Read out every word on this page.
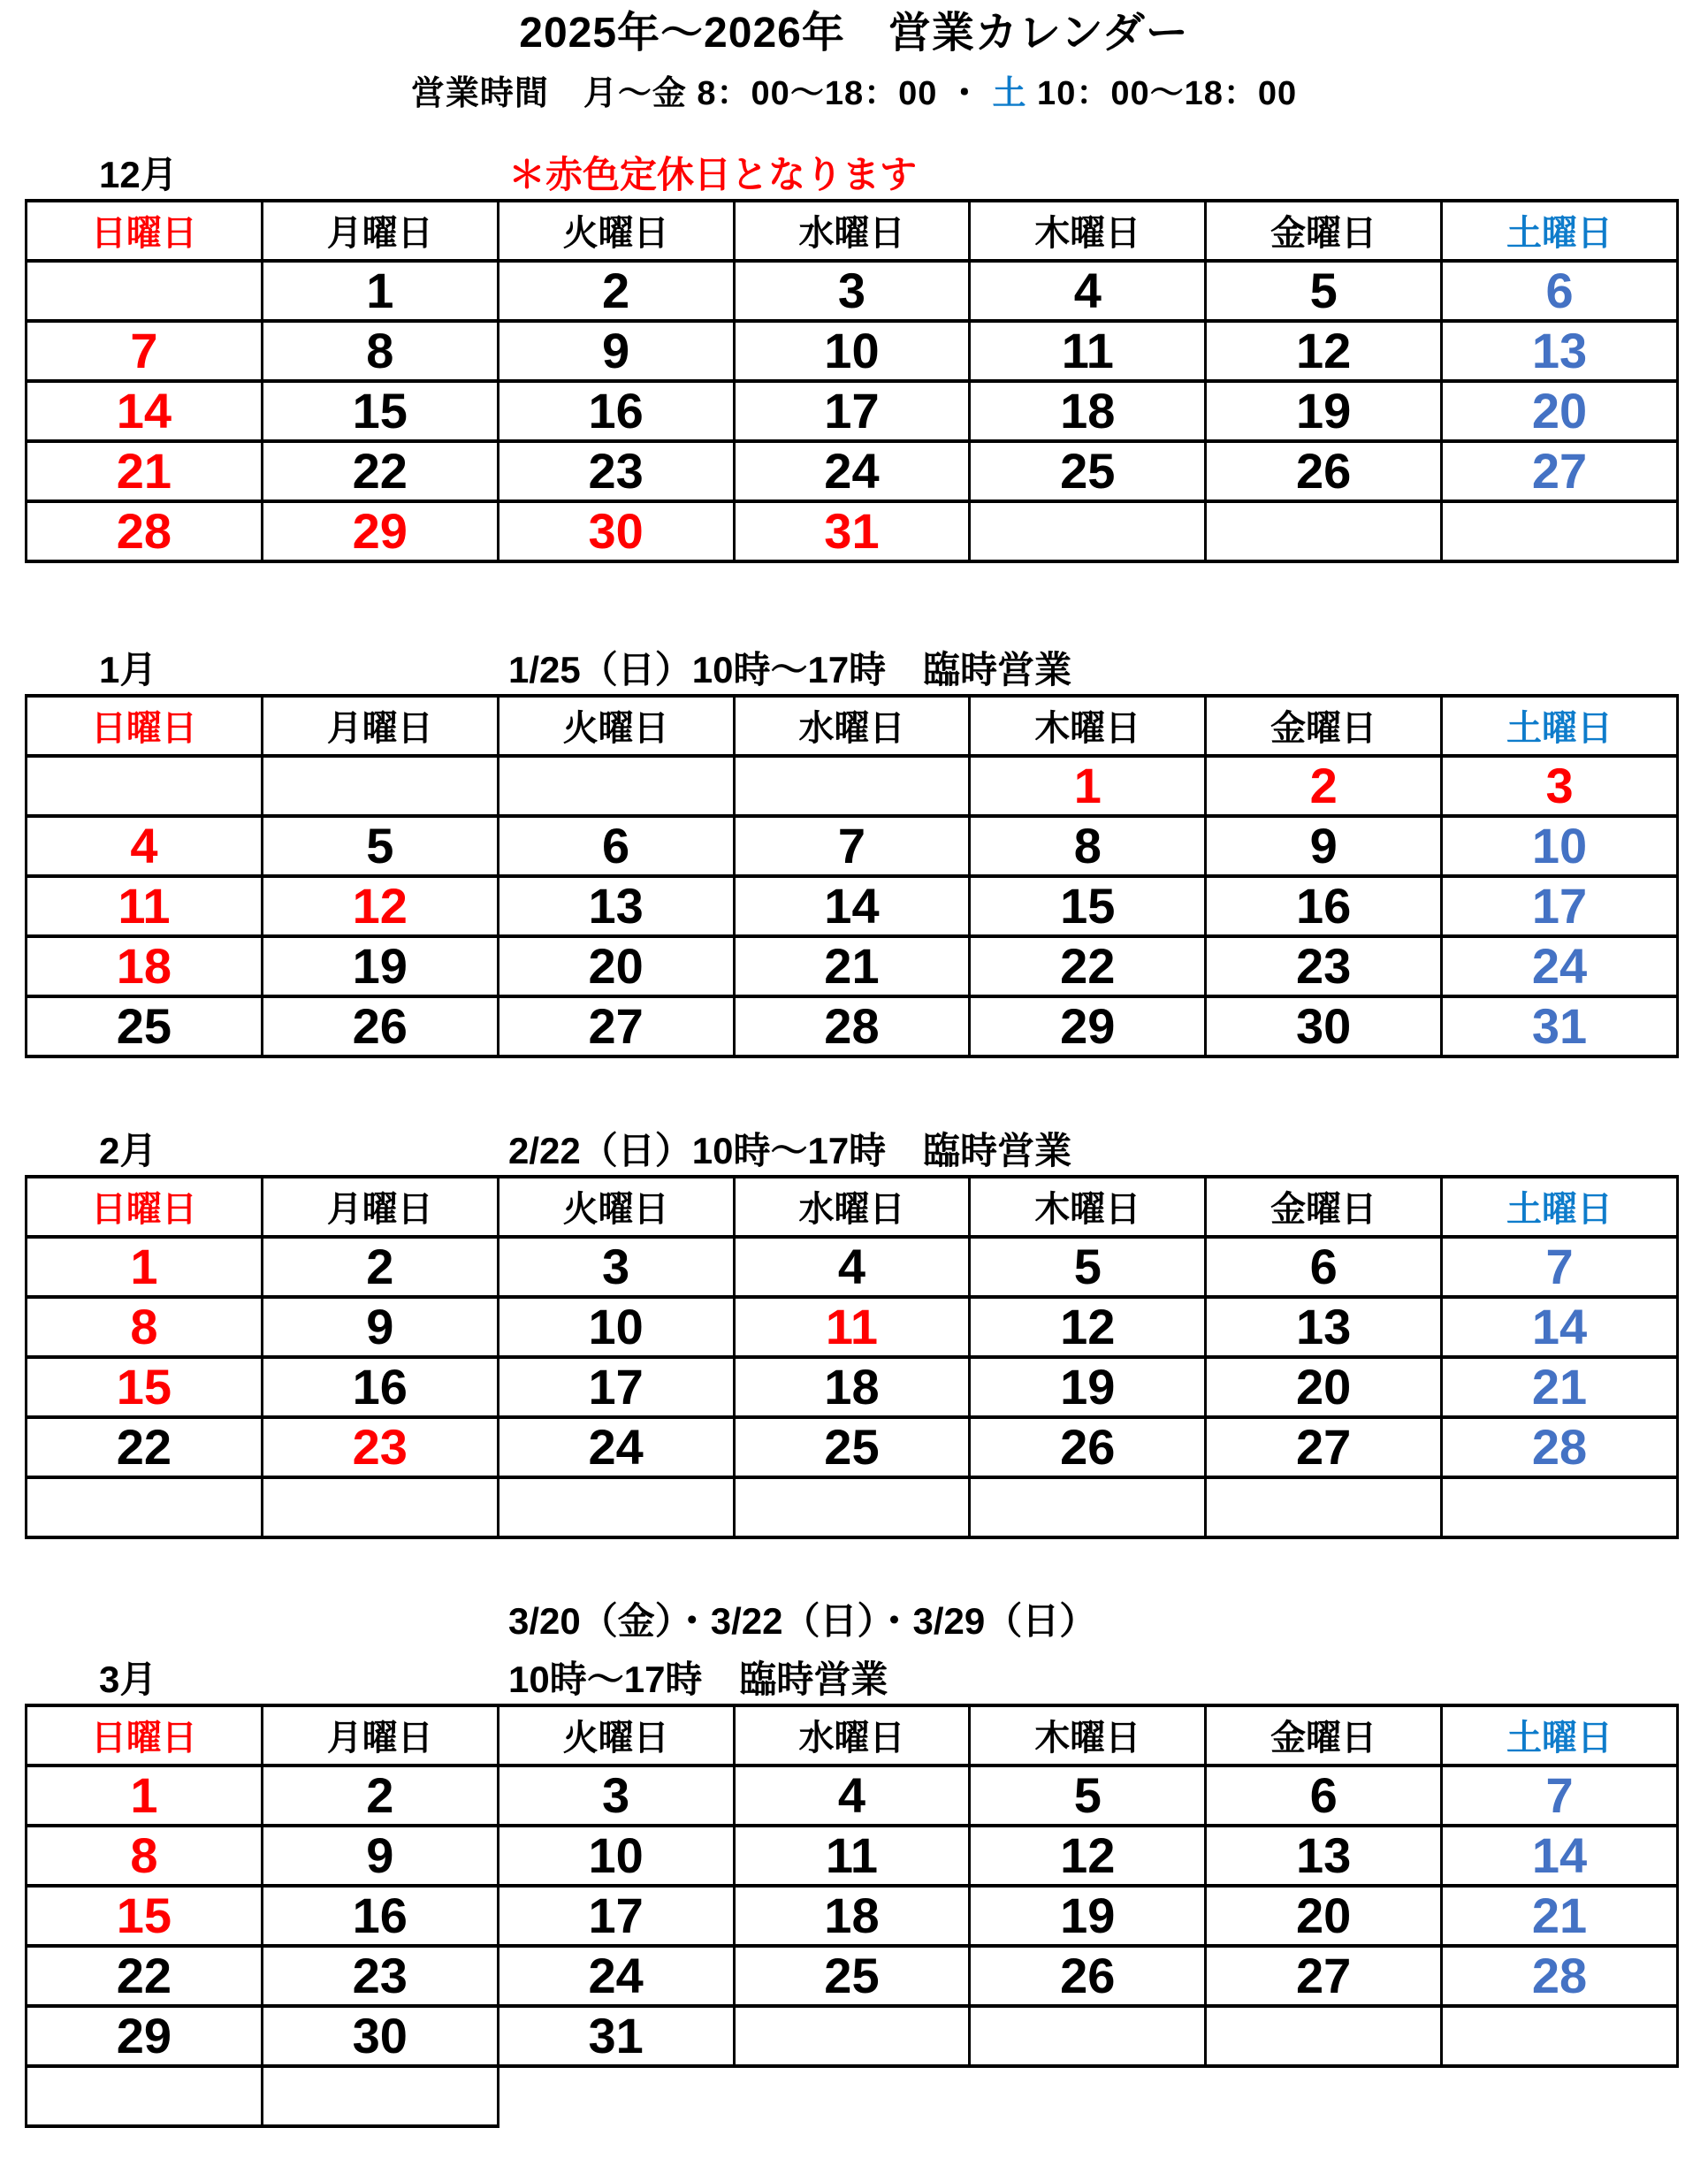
2025年～2026年　営業カレンダー
営業時間　月～金 8：00～18：00 ・ 土 10：00～18：00
12月	＊赤色定休日となります
日曜日	月曜日	火曜日	水曜日	木曜日	金曜日	土曜日
	1	2	3	4	5	6
7	8	9	10	11	12	13
14	15	16	17	18	19	20
21	22	23	24	25	26	27
28	29	30	31			
1月	1/25（日）10時～17時　臨時営業
日曜日	月曜日	火曜日	水曜日	木曜日	金曜日	土曜日
				1	2	3
4	5	6	7	8	9	10
11	12	13	14	15	16	17
18	19	20	21	22	23	24
25	26	27	28	29	30	31
2月	2/22（日）10時～17時　臨時営業
日曜日	月曜日	火曜日	水曜日	木曜日	金曜日	土曜日
1	2	3	4	5	6	7
8	9	10	11	12	13	14
15	16	17	18	19	20	21
22	23	24	25	26	27	28

3/20（金）・3/22（日）・3/29（日）
3月	10時～17時　臨時営業
日曜日	月曜日	火曜日	水曜日	木曜日	金曜日	土曜日
1	2	3	4	5	6	7
8	9	10	11	12	13	14
15	16	17	18	19	20	21
22	23	24	25	26	27	28
29	30	31				
